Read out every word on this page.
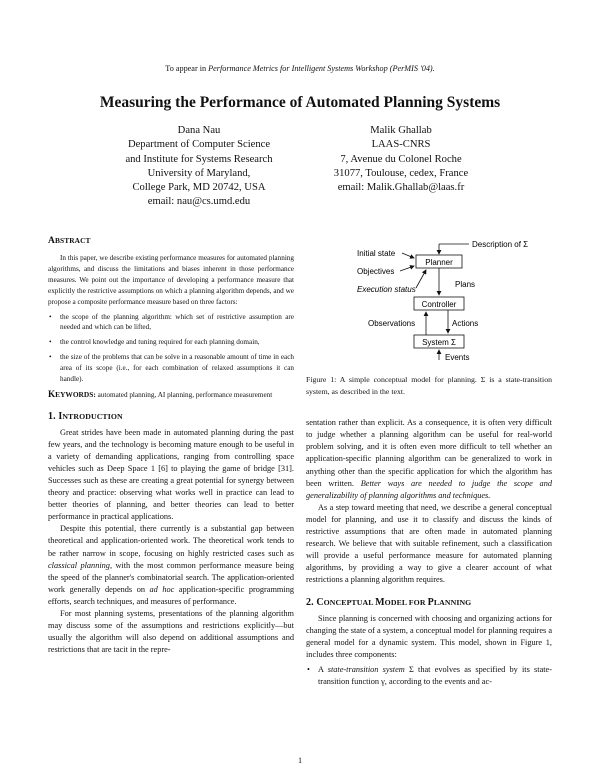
To appear in Performance Metrics for Intelligent Systems Workshop (PerMIS '04).
Measuring the Performance of Automated Planning Systems
Dana Nau
Department of Computer Science
and Institute for Systems Research
University of Maryland,
College Park, MD 20742, USA
email: nau@cs.umd.edu
Malik Ghallab
LAAS-CNRS
7, Avenue du Colonel Roche
31077, Toulouse, cedex, France
email: Malik.Ghallab@laas.fr
ABSTRACT

In this paper, we describe existing performance measures for automated planning algorithms, and discuss the limitations and biases inherent in those performance measures. We point out the importance of developing a performance measure that explicitly the restrictive assumptions on which a planning algorithm depends, and we propose a composite performance measure based on three factors:

• the scope of the planning algorithm: which set of restrictive assumption are needed and which can be lifted,
• the control knowledge and tuning required for each planning domain,
• the size of the problems that can be solve in a reasonable amount of time in each area of its scope (i.e., for each combination of relaxed assumptions it can handle).
KEYWORDS: automated planning, AI planning, performance measurement
1. INTRODUCTION

Great strides have been made in automated planning during the past few years, and the technology is becoming mature enough to be useful in a variety of demanding applications, ranging from controlling space vehicles such as Deep Space 1 [6] to playing the game of bridge [31]. Successes such as these are creating a great potential for synergy between theory and practice: observing what works well in practice can lead to better theories of planning, and better theories can lead to better performance in practical applications.

Despite this potential, there currently is a substantial gap between theoretical and application-oriented work. The theoretical work tends to be rather narrow in scope, focusing on highly restricted cases such as classical planning, with the most common performance measure being the speed of the planner's combinatorial search. The application-oriented work generally depends on ad hoc application-specific programming efforts, search techniques, and measures of performance.

For most planning systems, presentations of the planning algorithm may discuss some of the assumptions and restrictions explicitly—but usually the algorithm will also depend on additional assumptions and restrictions that are tacit in the repre-

Description of Σ
Initial state
Planner
Objectives
Plans
Execution status
Controller
Observations	Actions
System Σ
Events
Figure 1: A simple conceptual model for planning. Σ is a state-transition system, as described in the text.

sentation rather than explicit. As a consequence, it is often very difficult to judge whether a planning algorithm can be useful for real-world problem solving, and it is often even more difficult to tell whether an application-specific planning algorithm can be generalized to work in anything other than the specific application for which the algorithm has been written. Better ways are needed to judge the scope and generalizability of planning algorithms and techniques.

As a step toward meeting that need, we describe a general conceptual model for planning, and use it to classify and discuss the kinds of restrictive assumptions that are often made in automated planning research. We believe that with suitable refinement, such a classification will provide a useful performance measure for automated planning algorithms, by providing a way to give a clearer account of what restrictions a planning algorithm requires.

2. CONCEPTUAL MODEL FOR PLANNING

Since planning is concerned with choosing and organizing actions for changing the state of a system, a conceptual model for planning requires a general model for a dynamic system. This model, shown in Figure 1, includes three components:

• A state-transition system Σ that evolves as specified by its state-transition function γ, according to the events and ac-
1
